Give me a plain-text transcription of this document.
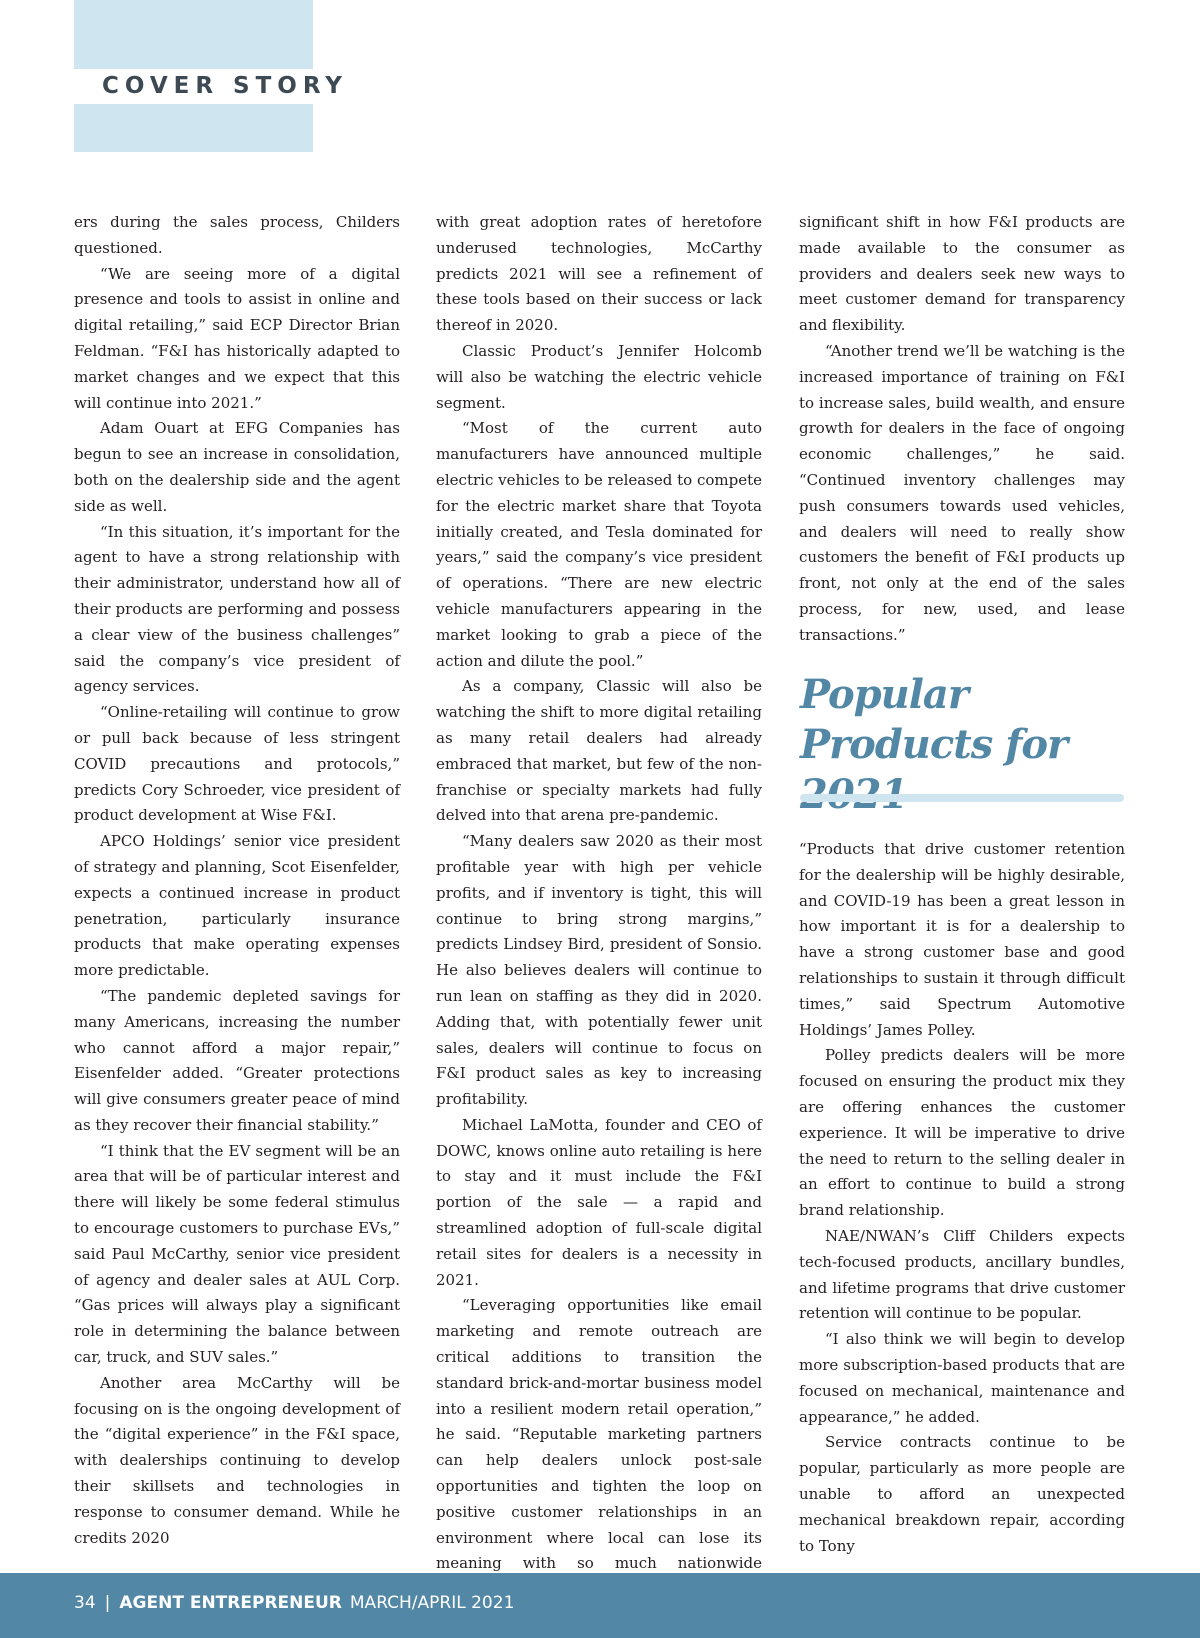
COVER STORY

ers during the sales process, Childers questioned.

“We are seeing more of a digital presence and tools to assist in online and digital retailing,” said ECP Director Brian Feldman. “F&I has historically adapted to market changes and we expect that this will continue into 2021.”

Adam Ouart at EFG Companies has begun to see an increase in consolidation, both on the dealership side and the agent side as well.

“In this situation, it’s important for the agent to have a strong relationship with their administrator, understand how all of their products are performing and possess a clear view of the business challenges” said the company’s vice president of agency services.

“Online-retailing will continue to grow or pull back because of less stringent COVID precautions and protocols,” predicts Cory Schroeder, vice president of product development at Wise F&I.

APCO Holdings’ senior vice president of strategy and planning, Scot Eisenfelder, expects a continued increase in product penetration, particularly insurance products that make operating expenses more predictable.

“The pandemic depleted savings for many Americans, increasing the number who cannot afford a major repair,” Eisenfelder added. “Greater protections will give consumers greater peace of mind as they recover their financial stability.”

“I think that the EV segment will be an area that will be of particular interest and there will likely be some federal stimulus to encourage customers to purchase EVs,” said Paul McCarthy, senior vice president of agency and dealer sales at AUL Corp. “Gas prices will always play a significant role in determining the balance between car, truck, and SUV sales.”

Another area McCarthy will be focusing on is the ongoing development of the “digital experience” in the F&I space, with dealerships continuing to develop their skillsets and technologies in response to consumer demand. While he credits 2020

with great adoption rates of heretofore underused technologies, McCarthy predicts 2021 will see a refinement of these tools based on their success or lack thereof in 2020.

Classic Product’s Jennifer Holcomb will also be watching the electric vehicle segment.

“Most of the current auto manufacturers have announced multiple electric vehicles to be released to compete for the electric market share that Toyota initially created, and Tesla dominated for years,” said the company’s vice president of operations. “There are new electric vehicle manufacturers appearing in the market looking to grab a piece of the action and dilute the pool.”

As a company, Classic will also be watching the shift to more digital retailing as many retail dealers had already embraced that market, but few of the non-franchise or specialty markets had fully delved into that arena pre-pandemic.

“Many dealers saw 2020 as their most profitable year with high per vehicle profits, and if inventory is tight, this will continue to bring strong margins,” predicts Lindsey Bird, president of Sonsio. He also believes dealers will continue to run lean on staffing as they did in 2020. Adding that, with potentially fewer unit sales, dealers will continue to focus on F&I product sales as key to increasing profitability.

Michael LaMotta, founder and CEO of DOWC, knows online auto retailing is here to stay and it must include the F&I portion of the sale — a rapid and streamlined adoption of full-scale digital retail sites for dealers is a necessity in 2021.

“Leveraging opportunities like email marketing and remote outreach are critical additions to transition the standard brick-and-mortar business model into a resilient modern retail operation,” he said. “Reputable marketing partners can help dealers unlock post-sale opportunities and tighten the loop on positive customer relationships in an environment where local can lose its meaning with so much nationwide

significant shift in how F&I products are made available to the consumer as providers and dealers seek new ways to meet customer demand for transparency and flexibility.

“Another trend we’ll be watching is the increased importance of training on F&I to increase sales, build wealth, and ensure growth for dealers in the face of ongoing economic challenges,” he said. “Continued inventory challenges may push consumers towards used vehicles, and dealers will need to really show customers the benefit of F&I products up front, not only at the end of the sales process, for new, used, and lease transactions.”

“Products that drive customer retention for the dealership will be highly desirable, and COVID-19 has been a great lesson in how important it is for a dealership to have a strong customer base and good relationships to sustain it through difficult times,” said Spectrum Automotive Holdings’ James Polley.

Polley predicts dealers will be more focused on ensuring the product mix they are offering enhances the customer experience. It will be imperative to drive the need to return to the selling dealer in an effort to continue to build a strong brand relationship.

NAE/NWAN’s Cliff Childers expects tech-focused products, ancillary bundles, and lifetime programs that drive customer retention will continue to be popular.

“I also think we will begin to develop more subscription-based products that are focused on mechanical, maintenance and appearance,” he added.

Service contracts continue to be popular, particularly as more people are unable to afford an unexpected mechanical breakdown repair, according to Tony

Popular
Products for
34 | AGENT ENTREPRENEUR MARCH/APRIL 2021
